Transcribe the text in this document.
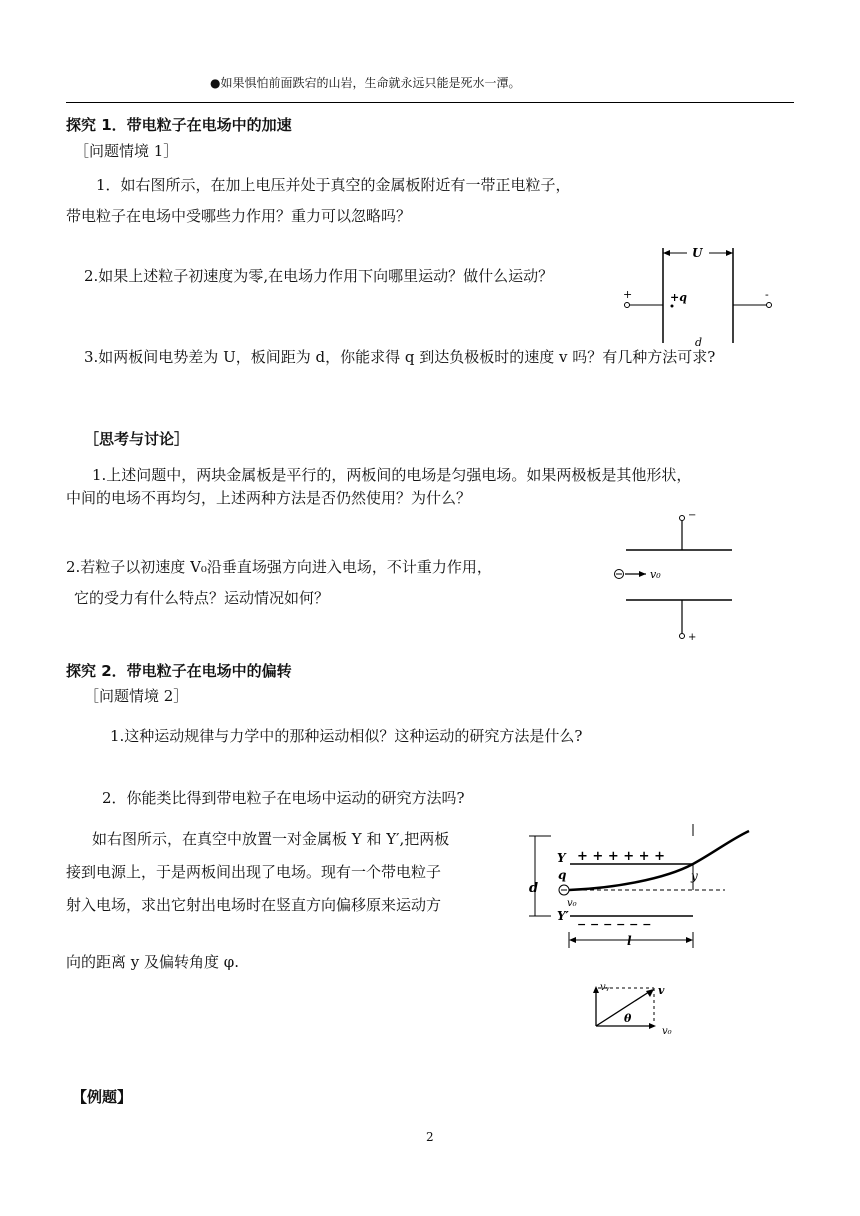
●如果惧怕前面跌宕的山岩，生命就永远只能是死水一潭。
探究 1．带电粒子在电场中的加速
［问题情境 1］
1．如右图所示，在加上电压并处于真空的金属板附近有一带正电粒子，
带电粒子在电场中受哪些力作用？重力可以忽略吗？
2.如果上述粒子初速度为零,在电场力作用下向哪里运动？做什么运动？
U
+	-
+q
d
3.如两板间电势差为 U，板间距为 d，你能求得 q 到达负极板时的速度 v 吗？有几种方法可求?
［思考与讨论］
1.上述问题中，两块金属板是平行的，两板间的电场是匀强电场。如果两极板是其他形状，
中间的电场不再均匀，上述两种方法是否仍然使用？为什么？
2.若粒子以初速度 V₀沿垂直场强方向进入电场，不计重力作用，
它的受力有什么特点？运动情况如何？
−
v₀
+
探究 2．带电粒子在电场中的偏转
［问题情境 2］
1.这种运动规律与力学中的那种运动相似？这种运动的研究方法是什么?
2．你能类比得到带电粒子在电场中运动的研究方法吗?
如右图所示，在真空中放置一对金属板 Y 和 Y′,把两板
接到电源上，于是两板间出现了电场。现有一个带电粒子
射入电场，求出它射出电场时在竖直方向偏移原来运动方
向的距离 y 及偏转角度 φ.
d
Y + + + + + +
q	y
v₀
Y′
− − − − − −
l
vᵧ
v₀
v
θ
【例题】
2
